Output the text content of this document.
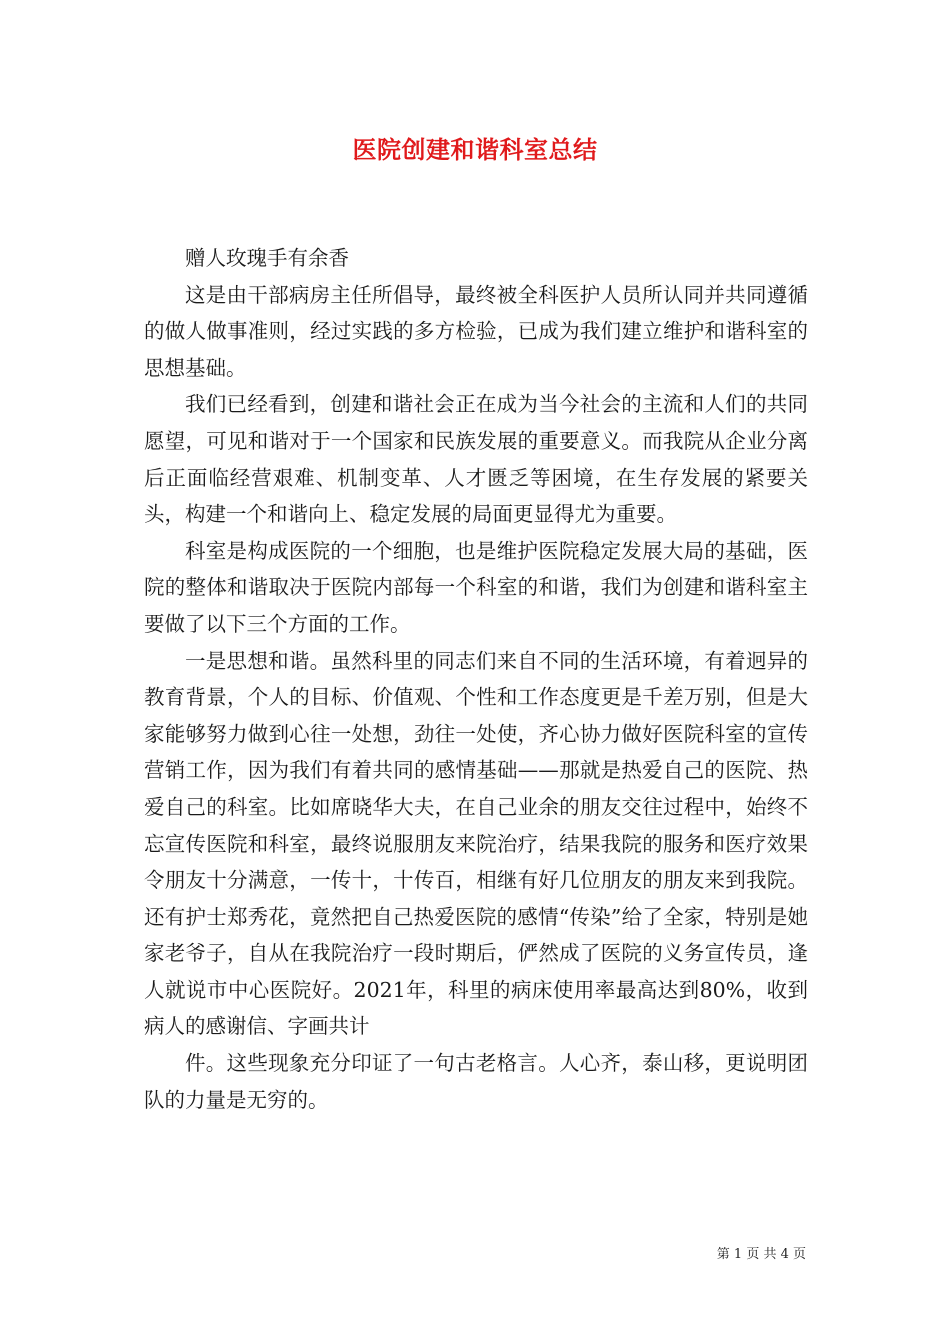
医院创建和谐科室总结

赠人玫瑰手有余香

这是由干部病房主任所倡导，最终被全科医护人员所认同并共同遵循的做人做事准则，经过实践的多方检验，已成为我们建立维护和谐科室的思想基础。

我们已经看到，创建和谐社会正在成为当今社会的主流和人们的共同愿望，可见和谐对于一个国家和民族发展的重要意义。而我院从企业分离后正面临经营艰难、机制变革、人才匮乏等困境，在生存发展的紧要关头，构建一个和谐向上、稳定发展的局面更显得尤为重要。

科室是构成医院的一个细胞，也是维护医院稳定发展大局的基础，医院的整体和谐取决于医院内部每一个科室的和谐，我们为创建和谐科室主要做了以下三个方面的工作。

一是思想和谐。虽然科里的同志们来自不同的生活环境，有着迥异的教育背景，个人的目标、价值观、个性和工作态度更是千差万别，但是大家能够努力做到心往一处想，劲往一处使，齐心协力做好医院科室的宣传营销工作，因为我们有着共同的感情基础——那就是热爱自己的医院、热爱自己的科室。比如席晓华大夫，在自己业余的朋友交往过程中，始终不忘宣传医院和科室，最终说服朋友来院治疗，结果我院的服务和医疗效果令朋友十分满意，一传十，十传百，相继有好几位朋友的朋友来到我院。还有护士郑秀花，竟然把自己热爱医院的感情“传染”给了全家，特别是她家老爷子，自从在我院治疗一段时期后，俨然成了医院的义务宣传员，逢人就说市中心医院好。2021年，科里的病床使用率最高达到80%，收到病人的感谢信、字画共计

件。这些现象充分印证了一句古老格言。人心齐，泰山移，更说明团队的力量是无穷的。

第 1 页 共 4 页
